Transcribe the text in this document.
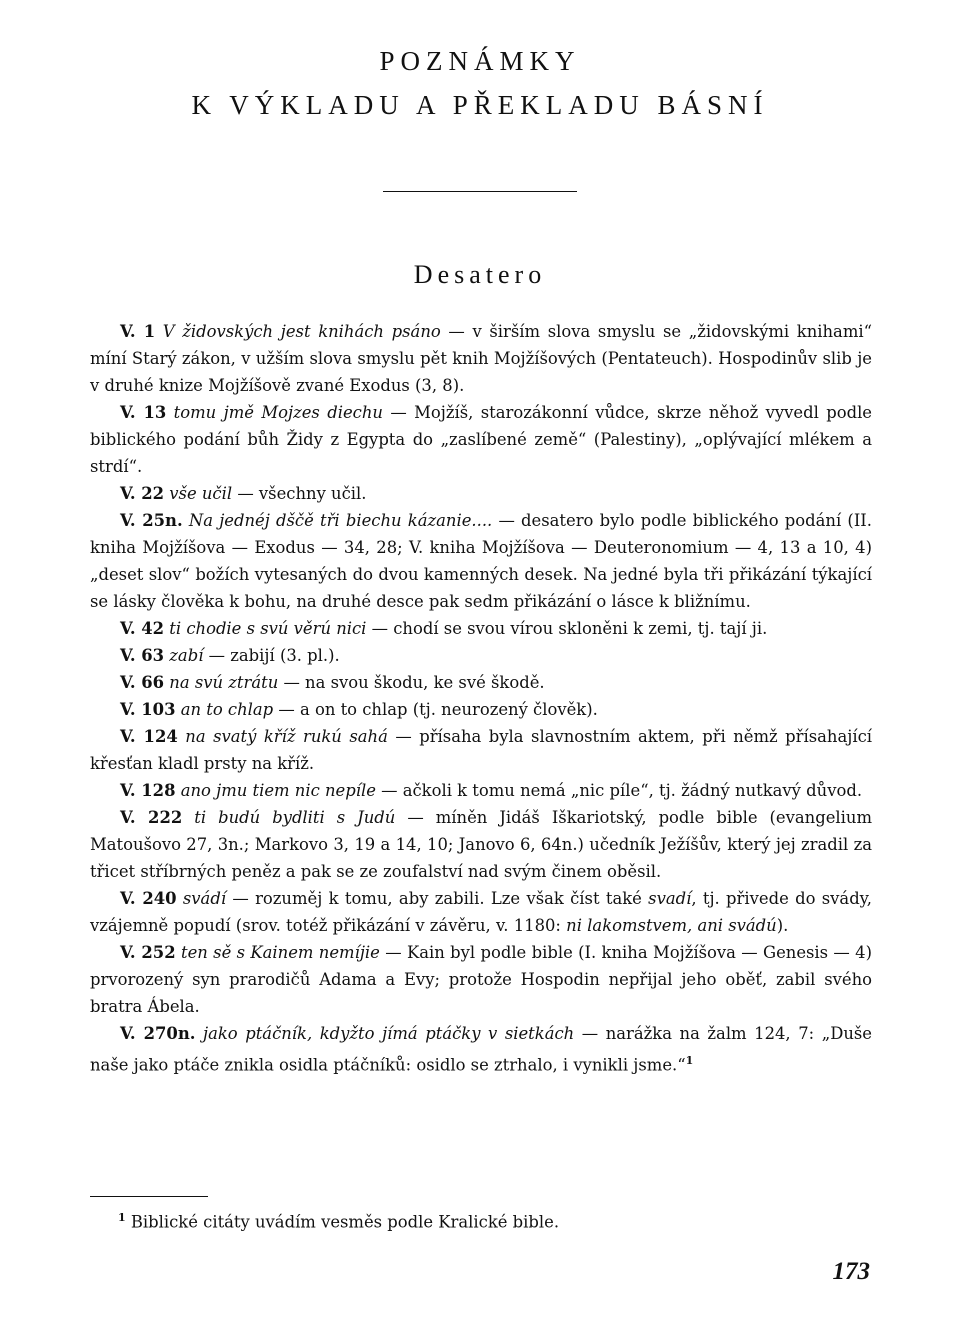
POZNÁMKY
K VÝKLADU A PŘEKLADU BÁSNÍ
Desatero

V. 1 V židovských jest knihách psáno — v širším slova smyslu se „židovskými knihami“ míní Starý zákon, v užším slova smyslu pět knih Mojžíšových (Pentateuch). Hospodinův slib je v druhé knize Mojžíšově zvané Exodus (3, 8).

V. 13 tomu jmě Mojzes diechu — Mojžíš, starozákonní vůdce, skrze něhož vyvedl podle biblického podání bůh Židy z Egypta do „zaslíbené země“ (Palestiny), „oplývající mlékem a strdí“.

V. 22 vše učil — všechny učil.

V. 25n. Na jednéj dščě tři biechu kázanie.... — desatero bylo podle biblického podání (II. kniha Mojžíšova — Exodus — 34, 28; V. kniha Mojžíšova — Deuteronomium — 4, 13 a 10, 4) „deset slov“ božích vytesaných do dvou kamenných desek. Na jedné byla tři přikázání týkající se lásky člověka k bohu, na druhé desce pak sedm přikázání o lásce k bližnímu.

V. 42 ti chodie s svú věrú nici — chodí se svou vírou skloněni k zemi, tj. tají ji.

V. 63 zabí — zabijí (3. pl.).

V. 66 na svú ztrátu — na svou škodu, ke své škodě.

V. 103 an to chlap — a on to chlap (tj. neurozený člověk).

V. 124 na svatý kříž rukú sahá — přísaha byla slavnostním aktem, při němž přísahající křesťan kladl prsty na kříž.

V. 128 ano jmu tiem nic nepíle — ačkoli k tomu nemá „nic píle“, tj. žádný nutkavý důvod.

V. 222 ti budú bydliti s Judú — míněn Jidáš Iškariotský, podle bible (evangelium Matoušovo 27, 3n.; Markovo 3, 19 a 14, 10; Janovo 6, 64n.) učedník Ježíšův, který jej zradil za třicet stříbrných peněz a pak se ze zoufalství nad svým činem oběsil.

V. 240 svádí — rozuměj k tomu, aby zabili. Lze však číst také svadí, tj. přivede do svády, vzájemně popudí (srov. totéž přikázání v závěru, v. 1180: ni lakomstvem, ani svádú).

V. 252 ten sě s Kainem nemíjie — Kain byl podle bible (I. kniha Mojžíšova — Genesis — 4) prvorozený syn prarodičů Adama a Evy; protože Hospodin nepřijal jeho oběť, zabil svého bratra Ábela.

V. 270n. jako ptáčník, kdyžto jímá ptáčky v sietkách — narážka na žalm 124, 7: „Duše naše jako ptáče znikla osidla ptáčníků: osidlo se ztrhalo, i vynikli jsme.“$^1$

$^1$ Biblické citáty uvádím vesměs podle Kralické bible.
173
